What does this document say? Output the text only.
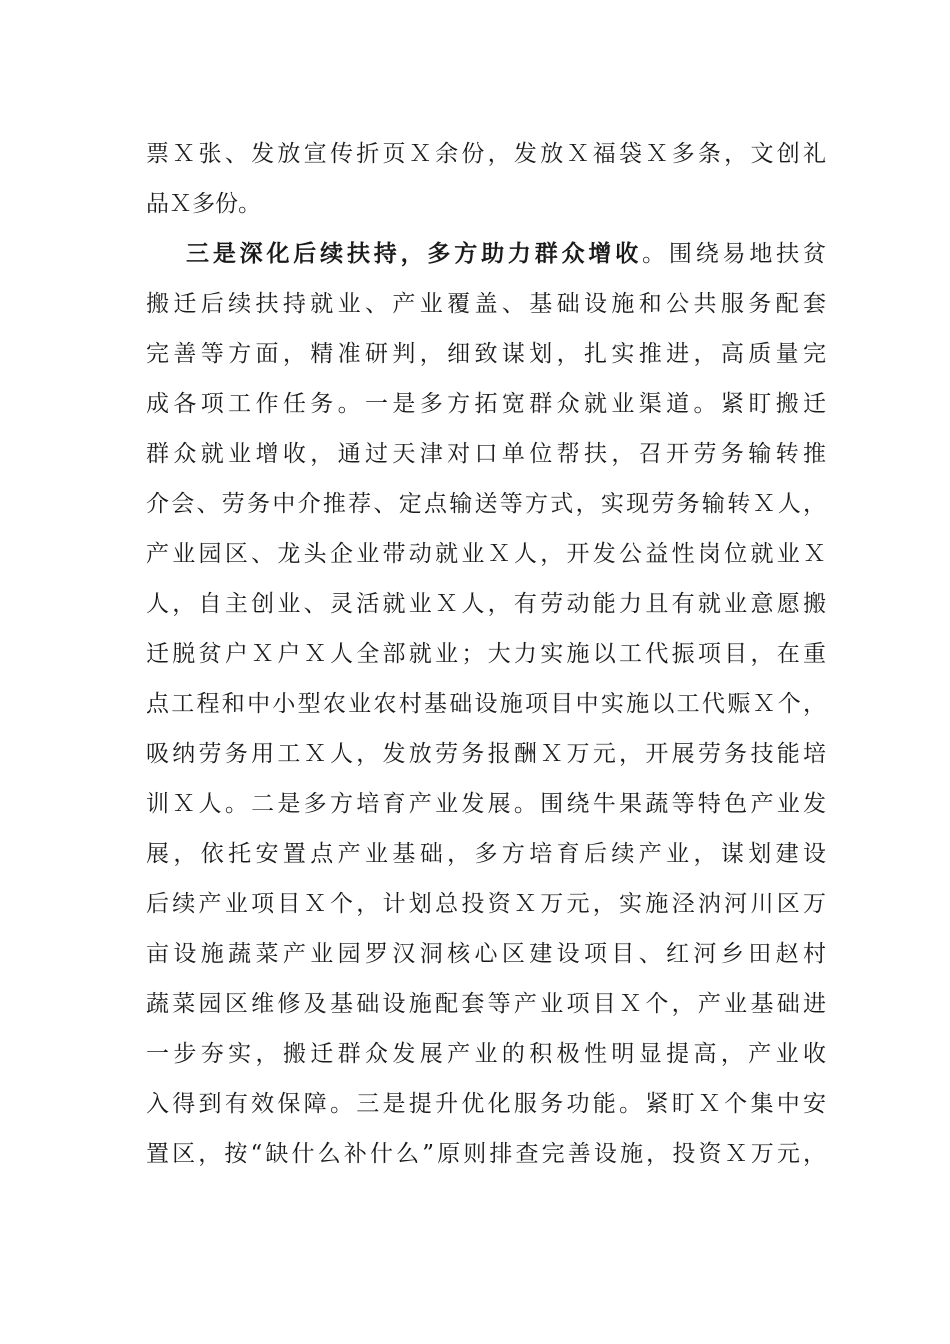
票Ｘ张、发放宣传折页Ｘ余份，发放Ｘ福袋Ｘ多条，文创礼
品Ｘ多份。
三是深化后续扶持，多方助力群众增收。围绕易地扶贫
搬迁后续扶持就业、产业覆盖、基础设施和公共服务配套
完善等方面，精准研判，细致谋划，扎实推进，高质量完
成各项工作任务。一是多方拓宽群众就业渠道。紧盯搬迁
群众就业增收，通过天津对口单位帮扶，召开劳务输转推
介会、劳务中介推荐、定点输送等方式，实现劳务输转Ｘ人，
产业园区、龙头企业带动就业Ｘ人，开发公益性岗位就业Ｘ
人，自主创业、灵活就业Ｘ人，有劳动能力且有就业意愿搬
迁脱贫户Ｘ户Ｘ人全部就业；大力实施以工代振项目，在重
点工程和中小型农业农村基础设施项目中实施以工代赈Ｘ个，
吸纳劳务用工Ｘ人，发放劳务报酬Ｘ万元，开展劳务技能培
训Ｘ人。二是多方培育产业发展。围绕牛果蔬等特色产业发
展，依托安置点产业基础，多方培育后续产业，谋划建设
后续产业项目Ｘ个，计划总投资Ｘ万元，实施泾汭河川区万
亩设施蔬菜产业园罗汉洞核心区建设项目、红河乡田赵村
蔬菜园区维修及基础设施配套等产业项目Ｘ个，产业基础进
一步夯实，搬迁群众发展产业的积极性明显提高，产业收
入得到有效保障。三是提升优化服务功能。紧盯Ｘ个集中安
置区，按“缺什么补什么”原则排查完善设施，投资Ｘ万元，
